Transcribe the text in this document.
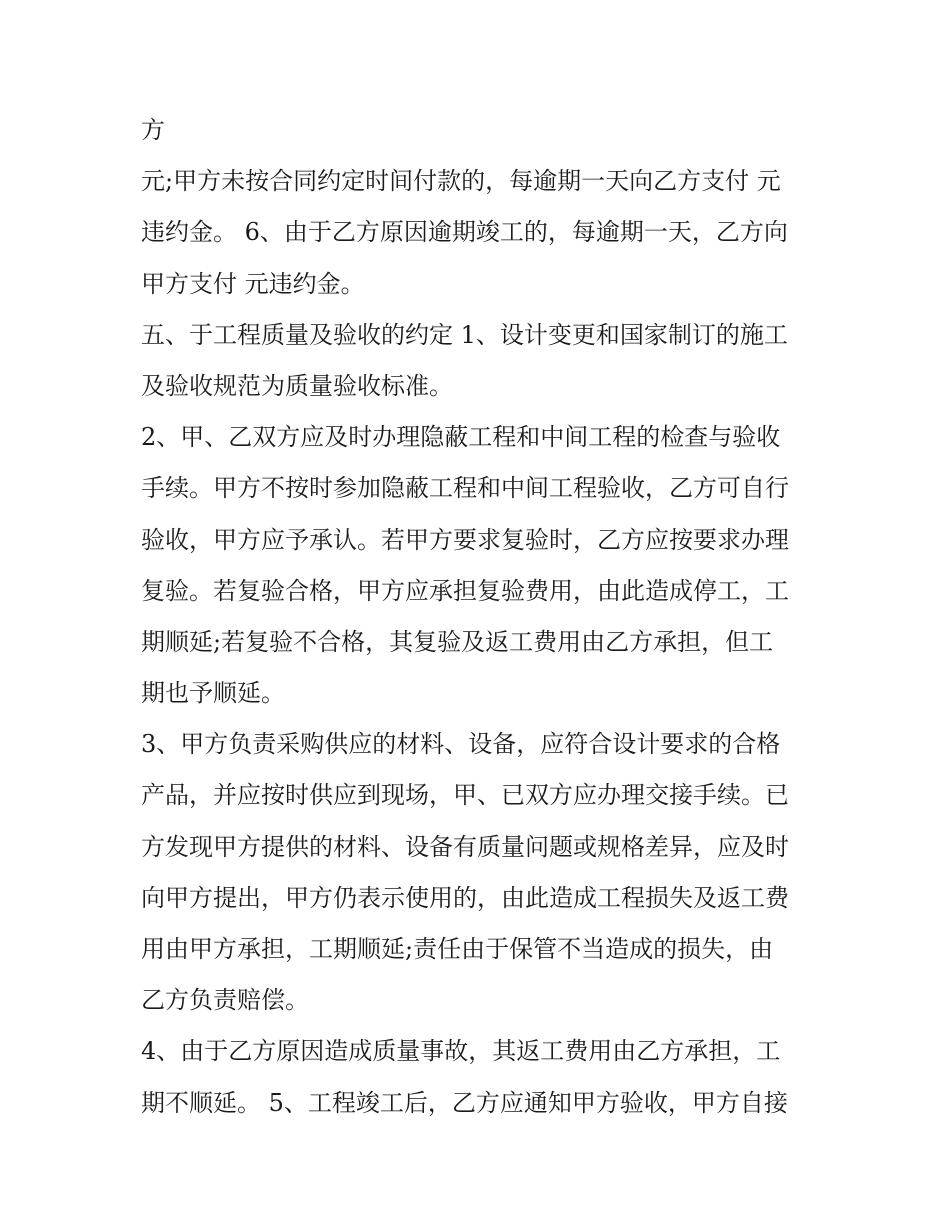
方
元;甲方未按合同约定时间付款的，每逾期一天向乙方支付 元
违约金。 6、由于乙方原因逾期竣工的，每逾期一天，乙方向
甲方支付 元违约金。
五、于工程质量及验收的约定 1、设计变更和国家制订的施工
及验收规范为质量验收标准。
2、甲、乙双方应及时办理隐蔽工程和中间工程的检查与验收
手续。甲方不按时参加隐蔽工程和中间工程验收，乙方可自行
验收，甲方应予承认。若甲方要求复验时，乙方应按要求办理
复验。若复验合格，甲方应承担复验费用，由此造成停工，工
期顺延;若复验不合格，其复验及返工费用由乙方承担，但工
期也予顺延。
3、甲方负责采购供应的材料、设备，应符合设计要求的合格
产品，并应按时供应到现场，甲、已双方应办理交接手续。已
方发现甲方提供的材料、设备有质量问题或规格差异，应及时
向甲方提出，甲方仍表示使用的，由此造成工程损失及返工费
用由甲方承担，工期顺延;责任由于保管不当造成的损失，由
乙方负责赔偿。
4、由于乙方原因造成质量事故，其返工费用由乙方承担，工
期不顺延。 5、工程竣工后，乙方应通知甲方验收，甲方自接
